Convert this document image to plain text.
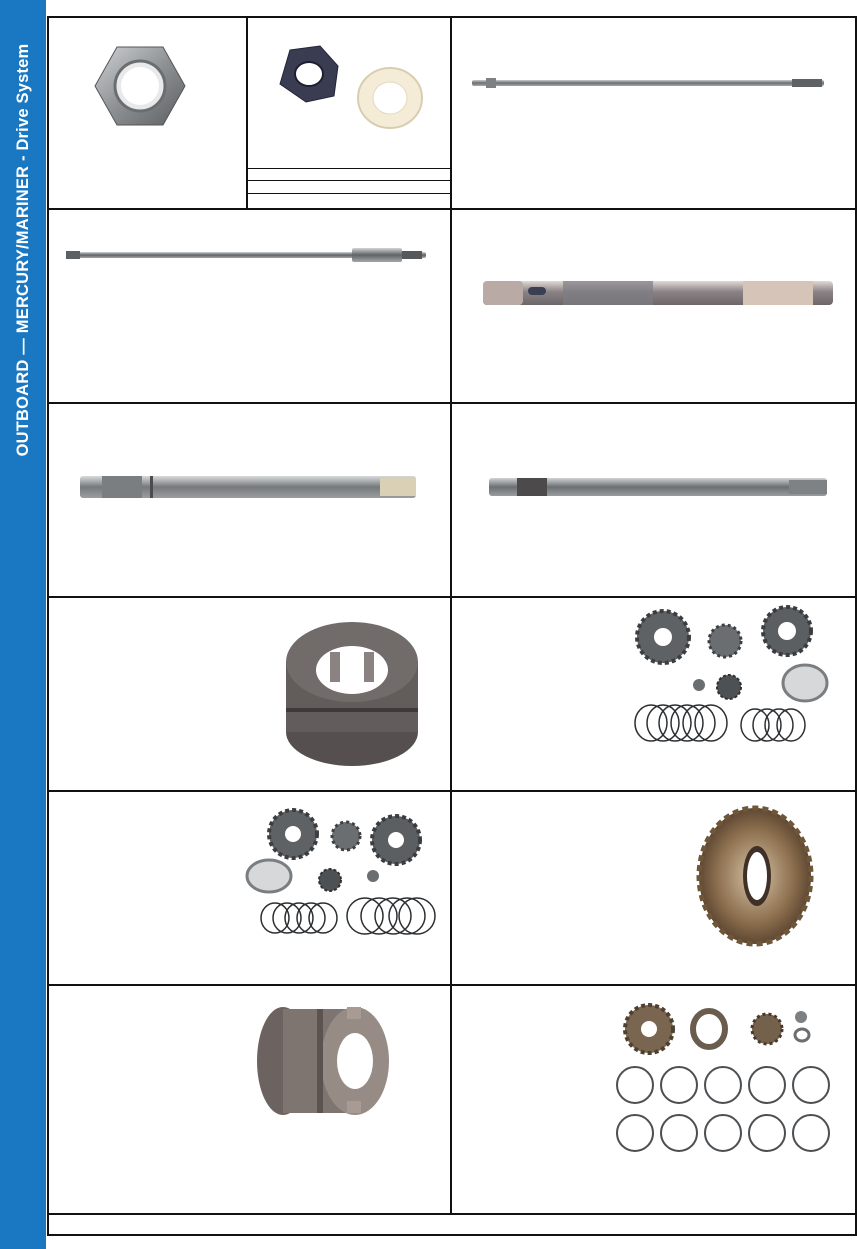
OUTBOARD — MERCURY/MARINER - Drive System
